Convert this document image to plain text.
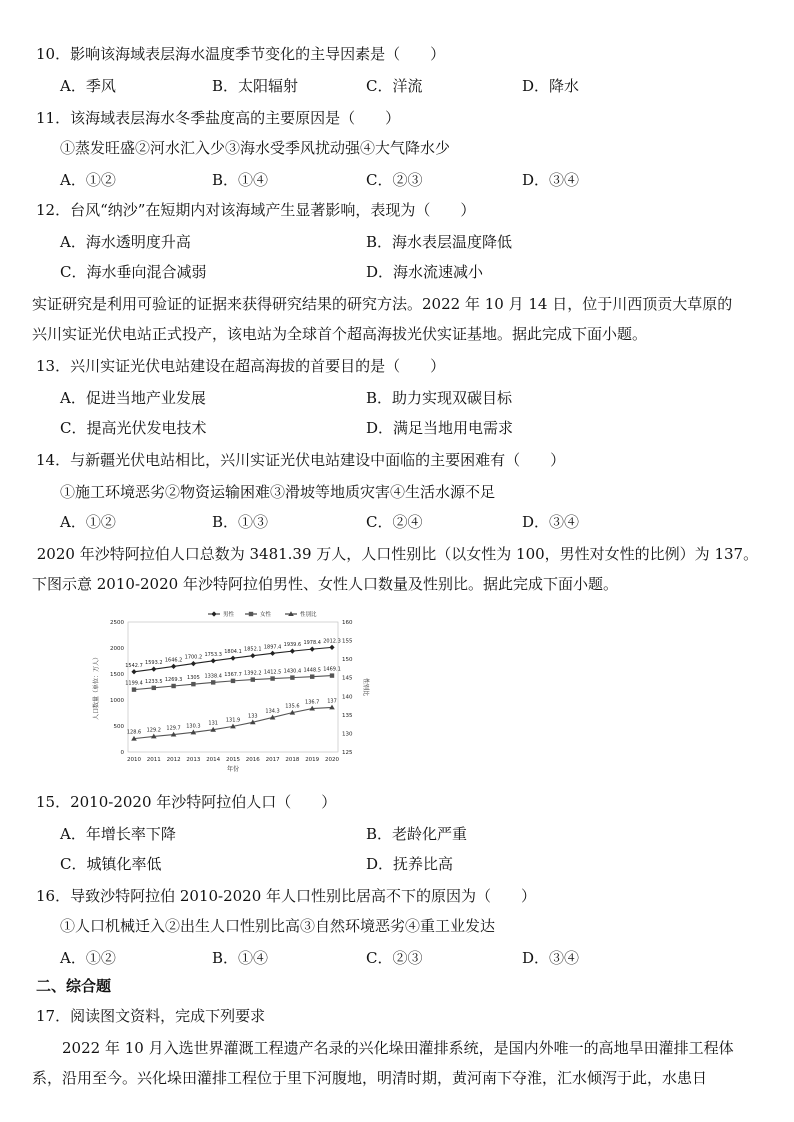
10．影响该海域表层海水温度季节变化的主导因素是（　　）
A．季风	B．太阳辐射	C．洋流	D．降水
11．该海域表层海水冬季盐度高的主要原因是（　　）
①蒸发旺盛②河水汇入少③海水受季风扰动强④大气降水少
A．①②	B．①④	C．②③	D．③④
12．台风“纳沙”在短期内对该海域产生显著影响，表现为（　　）
A．海水透明度升高	B．海水表层温度降低
C．海水垂向混合减弱	D．海水流速减小
实证研究是利用可验证的证据来获得研究结果的研究方法。2022 年 10 月 14 日，位于川西顶贡大草原的
兴川实证光伏电站正式投产，该电站为全球首个超高海拔光伏实证基地。据此完成下面小题。
13．兴川实证光伏电站建设在超高海拔的首要目的是（　　）
A．促进当地产业发展	B．助力实现双碳目标
C．提高光伏发电技术	D．满足当地用电需求
14．与新疆光伏电站相比，兴川实证光伏电站建设中面临的主要困难有（　　）
①施工环境恶劣②物资运输困难③滑坡等地质灾害④生活水源不足
A．①②	B．①③	C．②④	D．③④
2020 年沙特阿拉伯人口总数为 3481.39 万人，人口性别比（以女性为 100，男性对女性的比例）为 137。
下图示意 2010-2020 年沙特阿拉伯男性、女性人口数量及性别比。据此完成下面小题。
0
500
1000
1500
2000
2500
125
130
135
140
145
150
155
160
2010 2011 2012 2013 2014 2015 2016 2017 2018 2019 2020
年份
人口数量（单位：万人）	性别比
男性	女性	性别比
1542.7 1593.2 1646.2 1700.2 1753.3 1804.1 1852.1 1897.4 1939.6 1978.4 2012.3
1199.4 1233.5 1269.3 1305 1338.4 1367.7 1392.2 1412.5 1430.4 1448.5 1469.1
128.6 129.2 129.7 130.3 131
131.9
133
134.3
135.6
136.7 137
15．2010-2020 年沙特阿拉伯人口（　　）
A．年增长率下降	B．老龄化严重
C．城镇化率低	D．抚养比高
16．导致沙特阿拉伯 2010-2020 年人口性别比居高不下的原因为（　　）
①人口机械迁入②出生人口性别比高③自然环境恶劣④重工业发达
A．①②	B．①④	C．②③	D．③④
二、综合题
17．阅读图文资料，完成下列要求
　　2022 年 10 月入选世界灌溉工程遗产名录的兴化垛田灌排系统，是国内外唯一的高地旱田灌排工程体
系，沿用至今。兴化垛田灌排工程位于里下河腹地，明清时期，黄河南下夺淮，汇水倾泻于此，水患日
